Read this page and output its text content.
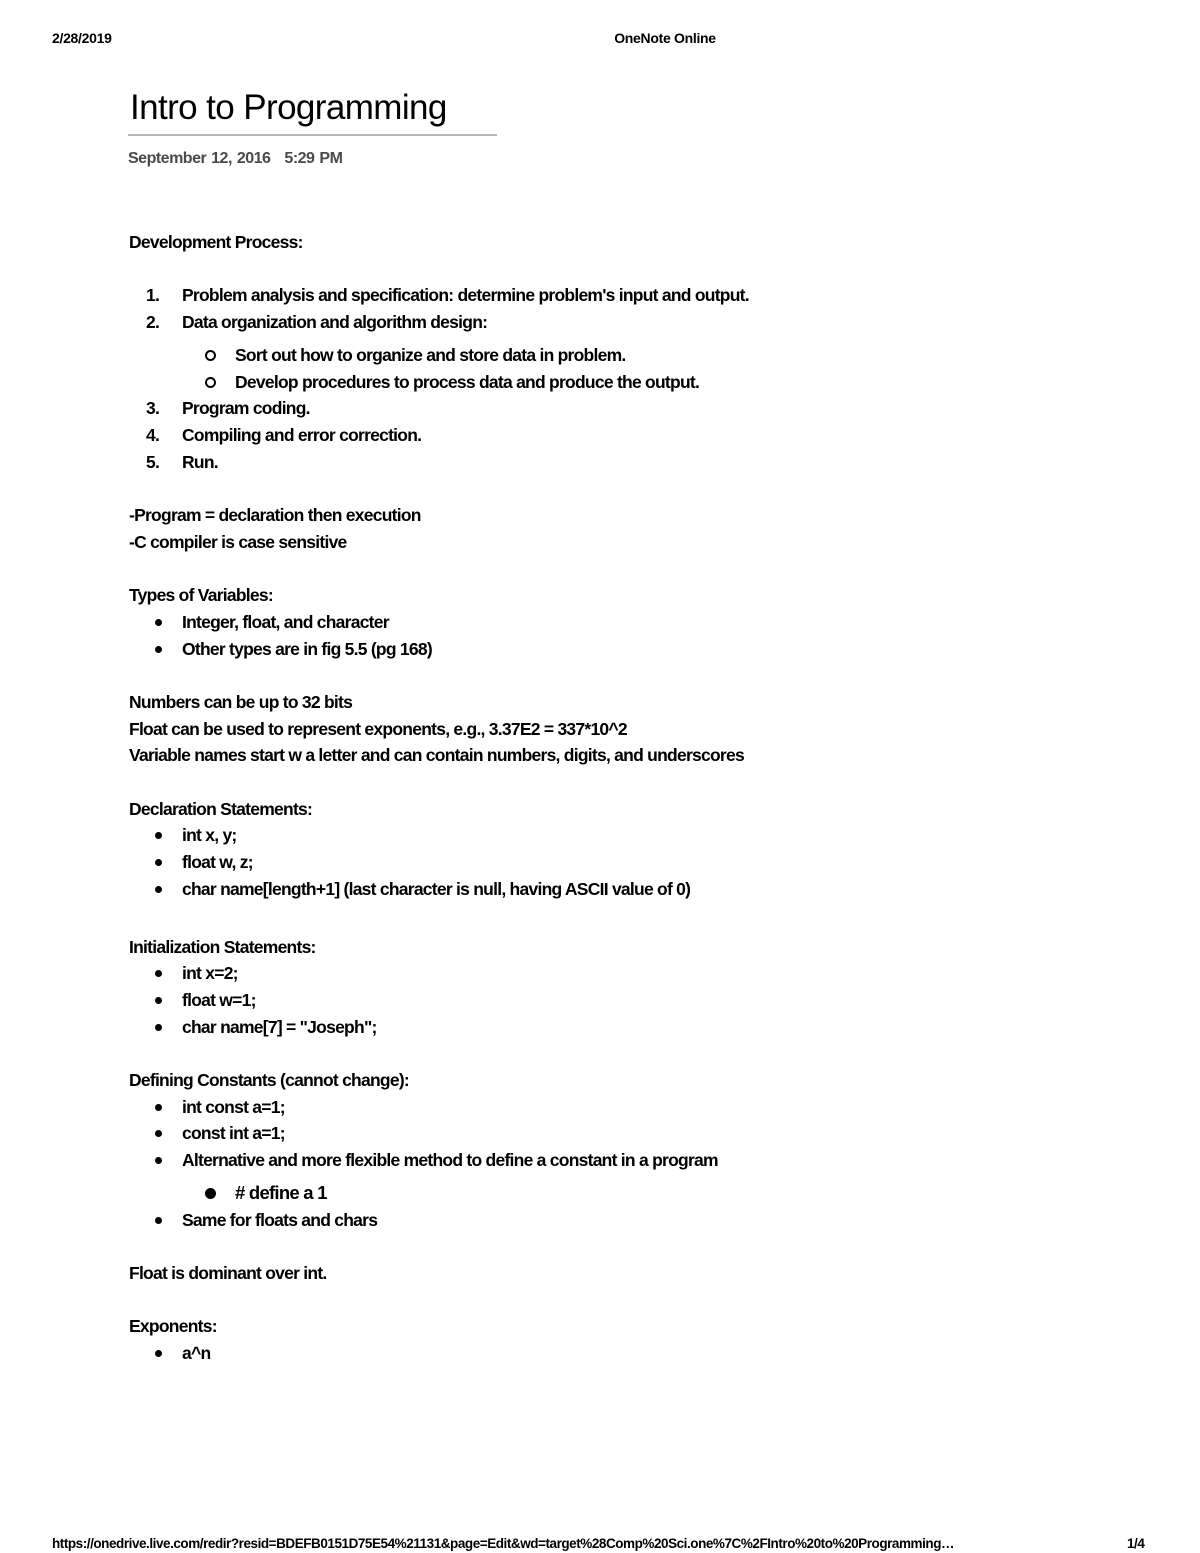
2/28/2019	OneNote Online
Intro to Programming
September 12, 2016 5:29 PM

Development Process:

1. Problem analysis and specification: determine problem's input and output.
2. Data organization and algorithm design:
Sort out how to organize and store data in problem.
Develop procedures to process data and produce the output.
3. Program coding.
4. Compiling and error correction.
5. Run.

-Program = declaration then execution

-C compiler is case sensitive

Types of Variables:

Integer, float, and character
Other types are in fig 5.5 (pg 168)

Numbers can be up to 32 bits

Float can be used to represent exponents, e.g., 3.37E2 = 337*10^2

Variable names start w a letter and can contain numbers, digits, and underscores

Declaration Statements:

int x, y;
float w, z;
char name[length+1] (last character is null, having ASCII value of 0)

Initialization Statements:

int x=2;
float w=1;
char name[7] = "Joseph";

Defining Constants (cannot change):

int const a=1;
const int a=1;
Alternative and more flexible method to define a constant in a program
# define a 1
Same for floats and chars

Float is dominant over int.

Exponents:

a^n
https://onedrive.live.com/redir?resid=BDEFB0151D75E54%21131&page=Edit&wd=target%28Comp%20Sci.one%7C%2FIntro%20to%20Programming…	1/4
